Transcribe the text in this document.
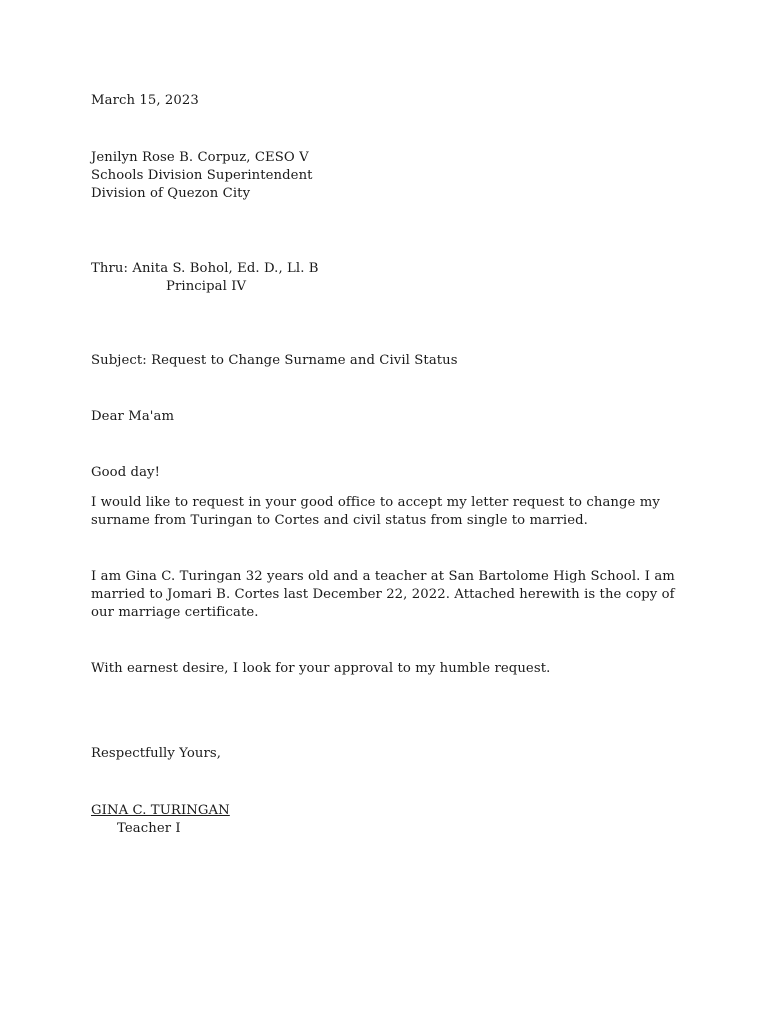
March 15, 2023
Jenilyn Rose B. Corpuz, CESO V
Schools Division Superintendent
Division of Quezon City
Thru: Anita S. Bohol, Ed. D., Ll. B
Principal IV
Subject: Request to Change Surname and Civil Status
Dear Ma'am
Good day!
I would like to request in your good office to accept my letter request to change my
surname from Turingan to Cortes and civil status from single to married.
I am Gina C. Turingan 32 years old and a teacher at San Bartolome High School. I am
married to Jomari B. Cortes last December 22, 2022. Attached herewith is the copy of
our marriage certificate.
With earnest desire, I look for your approval to my humble request.
Respectfully Yours,
GINA C. TURINGAN
Teacher I
